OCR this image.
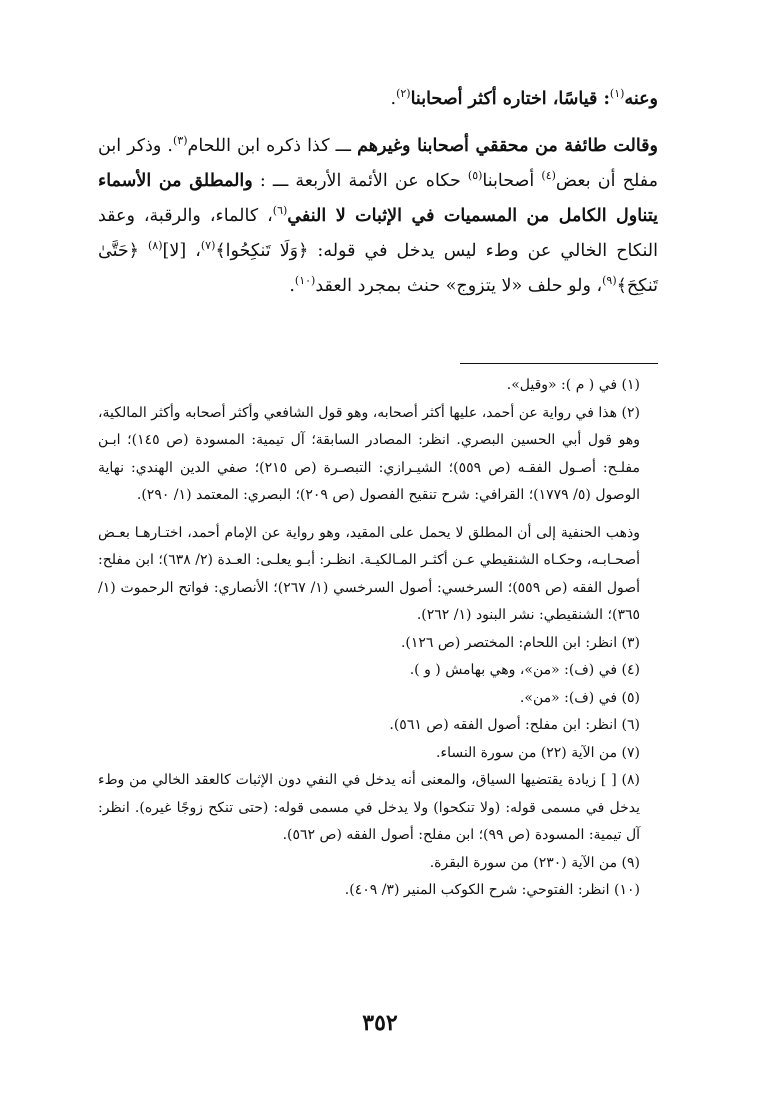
وعنه$^{(١)}$: قياسًا، اختاره أكثر أصحابنا$^{(٢)}$.

وقالت طائفة من محققي أصحابنا وغيرهم ـــ كذا ذكره ابن اللحام$^{(٣)}$. وذكر ابن مفلح أن بعض$^{(٤)}$ أصحابنا$^{(٥)}$ حكاه عن الأئمة الأربعة ـــ : والمطلق من الأسماء يتناول الكامل من المسميات في الإثبات لا النفي$^{(٦)}$، كالماء، والرقبة، وعقد النكاح الخالي عن وطء ليس يدخل في قوله: ﴿وَلَا تَنكِحُوا﴾$^{(٧)}$، [لا]$^{(٨)}$ ﴿حَتَّىٰ تَنكِحَ﴾$^{(٩)}$، ولو حلف «لا يتزوج» حنث بمجرد العقد$^{(١٠)}$.

(١) في ( م ): «وقيل».

(٢) هذا في رواية عن أحمد، عليها أكثر أصحابه، وهو قول الشافعي وأكثر أصحابه وأكثر المالكية، وهو قول أبي الحسين البصري. انظر: المصادر السابقة؛ آل تيمية: المسودة (ص ١٤٥)؛ ابـن مفلـح: أصـول الفقـه (ص ٥٥٩)؛ الشيـرازي: التبصـرة (ص ٢١٥)؛ صفي الدين الهندي: نهاية الوصول (٥/ ١٧٧٩)؛ القرافي: شرح تنقيح الفصول (ص ٢٠٩)؛ البصري: المعتمد (١/ ٢٩٠).

وذهب الحنفية إلى أن المطلق لا يحمل على المقيد، وهو رواية عن الإمام أحمد، اختـارهـا بعـض أصحـابـه، وحكـاه الشنقيطي عـن أكثـر المـالكيـة. انظـر: أبـو يعلـى: العـدة (٢/ ٦٣٨)؛ ابن مفلح: أصول الفقه (ص ٥٥٩)؛ السرخسي: أصول السرخسي (١/ ٢٦٧)؛ الأنصاري: فواتح الرحموت (١/ ٣٦٥)؛ الشنقيطي: نشر البنود (١/ ٢٦٢).

(٣) انظر: ابن اللحام: المختصر (ص ١٢٦).

(٤) في (ف): «من»، وهي بهامش ( و ).

(٥) في (ف): «من».

(٦) انظر: ابن مفلح: أصول الفقه (ص ٥٦١).

(٧) من الآية (٢٢) من سورة النساء.

(٨) [ ] زيادة يقتضيها السياق، والمعنى أنه يدخل في النفي دون الإثبات كالعقد الخالي من وطء يدخل في مسمى قوله: (ولا تنكحوا) ولا يدخل في مسمى قوله: (حتى تنكح زوجًا غيره). انظر: آل تيمية: المسودة (ص ٩٩)؛ ابن مفلح: أصول الفقه (ص ٥٦٢).

(٩) من الآية (٢٣٠) من سورة البقرة.

(١٠) انظر: الفتوحي: شرح الكوكب المنير (٣/ ٤٠٩).

٣٥٢
